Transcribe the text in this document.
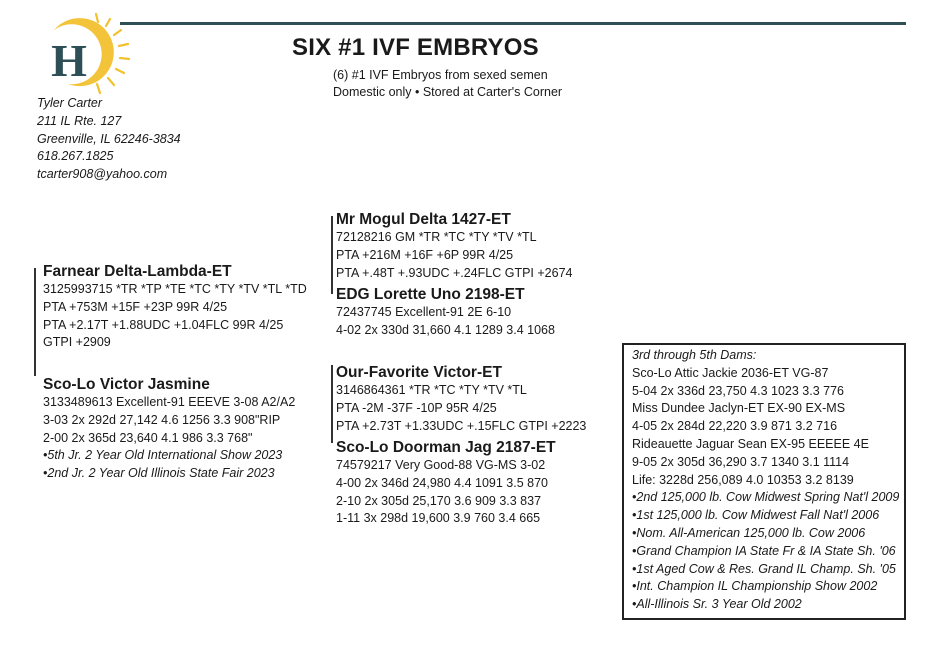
H	SIX #1 IVF EMBRYOS
(6) #1 IVF Embryos from sexed semen
Domestic only • Stored at Carter's Corner
Tyler Carter
211 IL Rte. 127
Greenville, IL 62246-3834
618.267.1825
tcarter908@yahoo.com
Farnear Delta-Lambda-ET
3125993715 *TR *TP *TE *TC *TY *TV *TL *TD
PTA +753M +15F +23P 99R 4/25
PTA +2.17T +1.88UDC +1.04FLC 99R 4/25
GTPI +2909
Sco-Lo Victor Jasmine
3133489613 Excellent-91 EEEVE 3-08 A2/A2
3-03 2x 292d 27,142 4.6 1256 3.3 908"RIP
2-00 2x 365d 23,640 4.1 986 3.3 768"
•5th Jr. 2 Year Old International Show 2023
•2nd Jr. 2 Year Old Illinois State Fair 2023
Mr Mogul Delta 1427-ET
72128216 GM *TR *TC *TY *TV *TL
PTA +216M +16F +6P 99R 4/25
PTA +.48T +.93UDC +.24FLC GTPI +2674
EDG Lorette Uno 2198-ET
72437745 Excellent-91 2E 6-10
4-02 2x 330d 31,660 4.1 1289 3.4 1068
Our-Favorite Victor-ET
3146864361 *TR *TC *TY *TV *TL
PTA -2M -37F -10P 95R 4/25
PTA +2.73T +1.33UDC +.15FLC GTPI +2223
Sco-Lo Doorman Jag 2187-ET
74579217 Very Good-88 VG-MS 3-02
4-00 2x 346d 24,980 4.4 1091 3.5 870
2-10 2x 305d 25,170 3.6 909 3.3 837
1-11 3x 298d 19,600 3.9 760 3.4 665
3rd through 5th Dams:
Sco-Lo Attic Jackie 2036-ET VG-87
5-04 2x 336d 23,750 4.3 1023 3.3 776
Miss Dundee Jaclyn-ET EX-90 EX-MS
4-05 2x 284d 22,220 3.9 871 3.2 716
Rideauette Jaguar Sean EX-95 EEEEE 4E
9-05 2x 305d 36,290 3.7 1340 3.1 1114
Life: 3228d 256,089 4.0 10353 3.2 8139
•2nd 125,000 lb. Cow Midwest Spring Nat'l 2009
•1st 125,000 lb. Cow Midwest Fall Nat'l 2006
•Nom. All-American 125,000 lb. Cow 2006
•Grand Champion IA State Fr & IA State Sh. '06
•1st Aged Cow & Res. Grand IL Champ. Sh. '05
•Int. Champion IL Championship Show 2002
•All-Illinois Sr. 3 Year Old 2002
